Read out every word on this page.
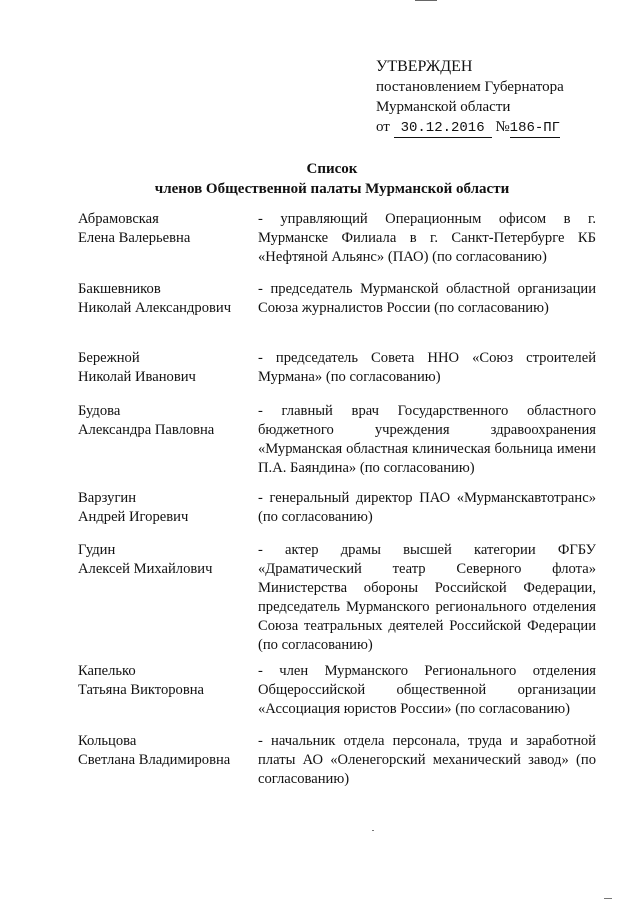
УТВЕРЖДЕН
постановлением Губернатора
Мурманской области
от 30.12.2016 №186-ПГ
Список
членов Общественной палаты Мурманской области
Абрамовская
Елена Валерьевна
- управляющий Операционным офисом в г. Мурманске Филиала в г. Санкт-Петербурге КБ «Нефтяной Альянс» (ПАО) (по согласованию)
Бакшевников
Николай Александрович
- председатель Мурманской областной организации Союза журналистов России (по согласованию)
Бережной
Николай Иванович
- председатель Совета ННО «Союз строителей Мурмана» (по согласованию)
Будова
Александра Павловна
- главный врач Государственного областного бюджетного учреждения здравоохранения «Мурманская областная клиническая больница имени П.А. Баяндина» (по согласованию)
Варзугин
Андрей Игоревич
- генеральный директор ПАО «Мурманскавтотранс» (по согласованию)
Гудин
Алексей Михайлович
- актер драмы высшей категории ФГБУ «Драматический театр Северного флота» Министерства обороны Российской Федерации, председатель Мурманского регионального отделения Союза театральных деятелей Российской Федерации (по согласованию)
Капелько
Татьяна Викторовна
- член Мурманского Регионального отделения Общероссийской общественной организации «Ассоциация юристов России» (по согласованию)
Кольцова
Светлана Владимировна
- начальник отдела персонала, труда и заработной платы АО «Оленегорский механический завод» (по согласованию)
